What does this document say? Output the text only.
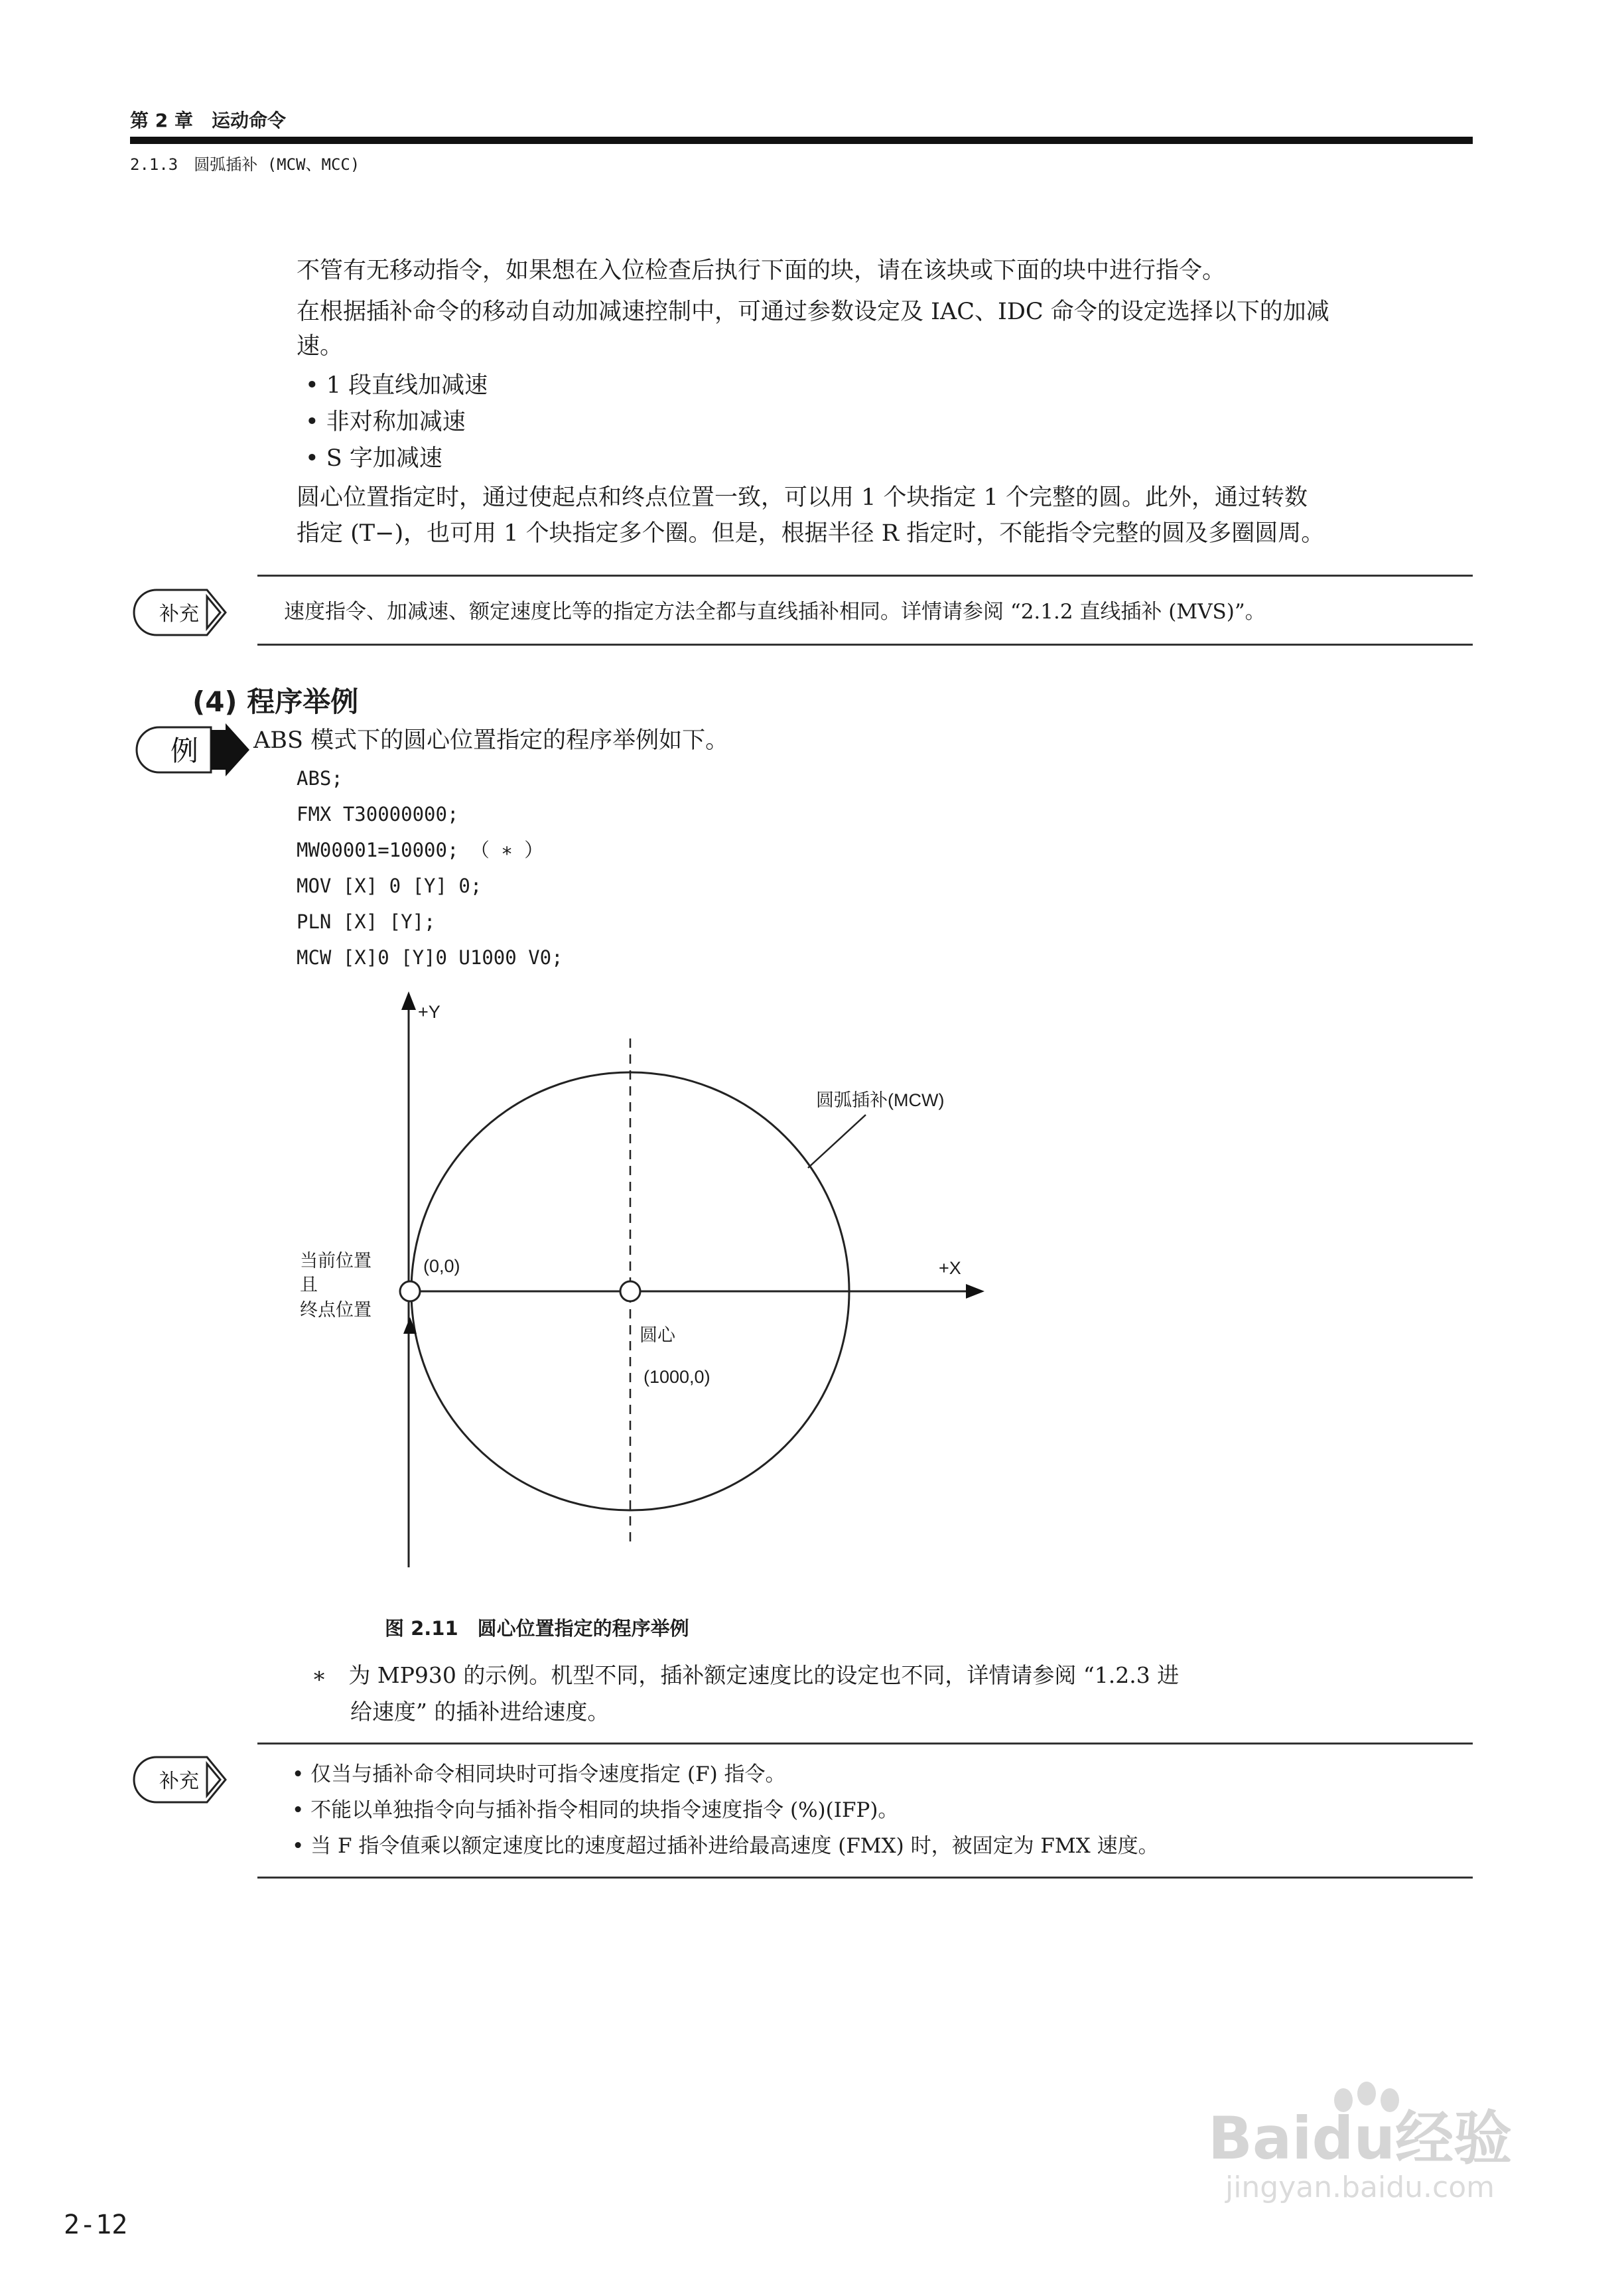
第 2 章　运动命令
2.1.3　圆弧插补 (MCW、MCC)
不管有无移动指令，如果想在入位检查后执行下面的块，请在该块或下面的块中进行指令。
在根据插补命令的移动自动加减速控制中，可通过参数设定及 IAC、IDC 命令的设定选择以下的加减
速。
• 1 段直线加减速
• 非对称加减速
• S 字加减速
圆心位置指定时，通过使起点和终点位置一致，可以用 1 个块指定 1 个完整的圆。此外，通过转数
指定 (T−)，也可用 1 个块指定多个圈。但是，根据半径 R 指定时，不能指令完整的圆及多圈圆周。
补充	速度指令、加减速、额定速度比等的指定方法全都与直线插补相同。详情请参阅 “2.1.2 直线插补 (MVS)”。
(4) 程序举例
例 ABS 模式下的圆心位置指定的程序举例如下。
ABS;
FMX T30000000;
MW00001=10000; （ ∗ ）
MOV [X] 0 [Y] 0;
PLN [X] [Y];
MCW [X]0 [Y]0 U1000 V0;
+Y
+X
圆弧插补(MCW)
当前位置
且
终点位置
(0,0)
圆心
(1000,0)
图 2.11　圆心位置指定的程序举例
∗　为 MP930 的示例。机型不同，插补额定速度比的设定也不同，详情请参阅 “1.2.3 进
给速度” 的插补进给速度。
补充	• 仅当与插补命令相同块时可指令速度指定 (F) 指令。
• 不能以单独指令向与插补指令相同的块指令速度指令 (%)(IFP)。
• 当 F 指令值乘以额定速度比的速度超过插补进给最高速度 (FMX) 时，被固定为 FMX 速度。
2-12
Baidu经验
jingyan.baidu.com
